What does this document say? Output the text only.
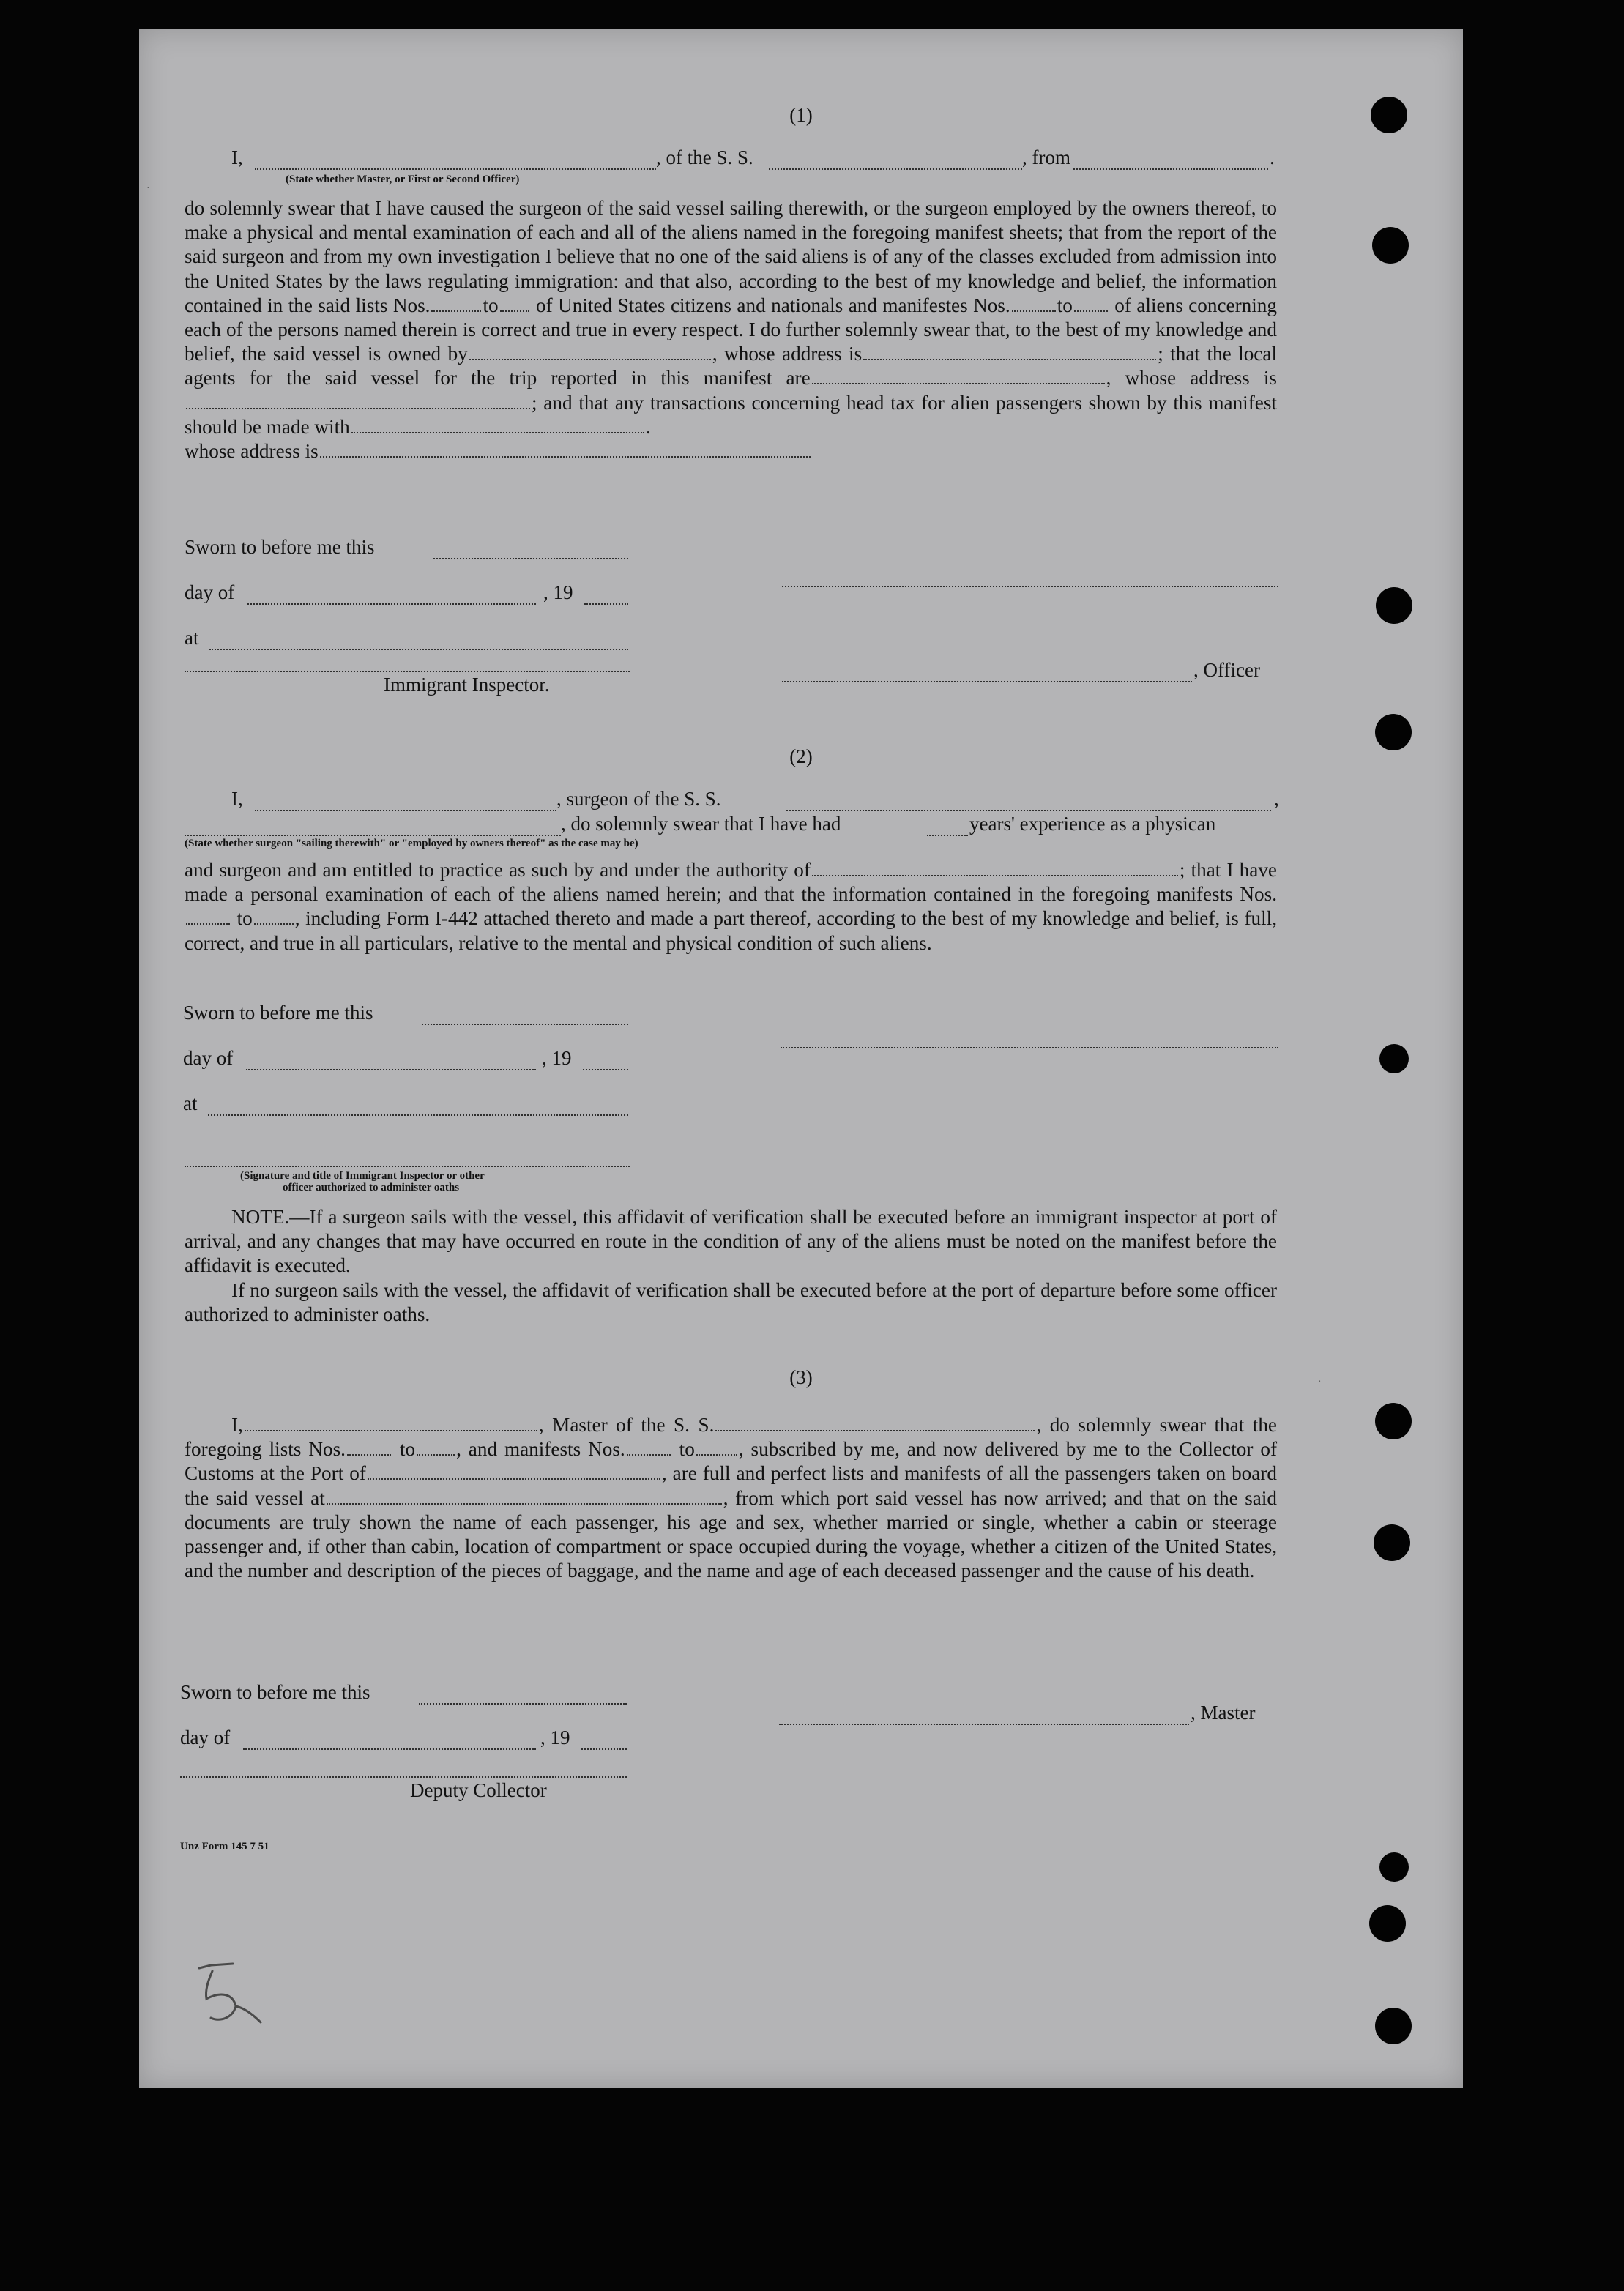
(1)
I,	, of the S. S.	, from	.
(State whether Master, or First or Second Officer)
do solemnly swear that I have caused the surgeon of the said vessel sailing therewith, or the surgeon employed by the owners thereof, to make a physical and mental examination of each and all of the aliens named in the foregoing manifest sheets; that from the report of the said surgeon and from my own investigation I believe that no one of the said aliens is of any of the classes excluded from admission into the United States by the laws regulating immigration: and that also, according to the best of my knowledge and belief, the information contained in the said lists Nos.	to of United States citizens and nationals and manifestes Nos. to of aliens concerning each of the persons named therein is correct and true in every respect. I do further solemnly swear that, to the best of my knowledge and belief, the said vessel is owned by	, whose address is	; that the local agents for the said vessel for the trip reported in this manifest are	, whose address is; and that any transactions concerning head tax for alien passengers shown by this manifest should be made with	.
whose address is
Sworn to before me this
day of	, 19
at
Immigrant Inspector.
, Officer
(2)
I,	, surgeon of the S. S.	,
, do solemnly swear that I have had	years' experience as a physican
(State whether surgeon "sailing therewith" or "employed by owners thereof" as the case may be)
and surgeon and am entitled to practice as such by and under the authority of	; that I have made a personal examination of each of the aliens named herein; and that the information contained in the foregoing manifests Nos. to , including Form I-442 attached thereto and made a part thereof, according to the best of my knowledge and belief, is full, correct, and true in all particulars, relative to the mental and physical condition of such aliens.
Sworn to before me this
day of	, 19
at
(Signature and title of Immigrant Inspector or other
officer authorized to administer oaths
NOTE.—If a surgeon sails with the vessel, this affidavit of verification shall be executed before an immigrant inspector at port of arrival, and any changes that may have occurred en route in the condition of any of the aliens must be noted on the manifest before the affidavit is executed.
If no surgeon sails with the vessel, the affidavit of verification shall be executed before at the port of departure before some officer authorized to administer oaths.
(3)
I,	, Master of the S. S.	, do solemnly swear that the foregoing lists Nos.	to , and manifests Nos.	to , subscribed by me, and now delivered by me to the Collector of Customs at the Port of	, are full and perfect lists and manifests of all the passengers taken on board the said vessel at	, from which port said vessel has now arrived; and that on the said documents are truly shown the name of each passenger, his age and sex, whether married or single, whether a cabin or steerage passenger and, if other than cabin, location of compartment or space occupied during the voyage, whether a citizen of the United States, and the number and description of the pieces of baggage, and the name and age of each deceased passenger and the cause of his death.
Sworn to before me this
day of	, 19
Deputy Collector
, Master
Unz Form 145 7 51
·
·
